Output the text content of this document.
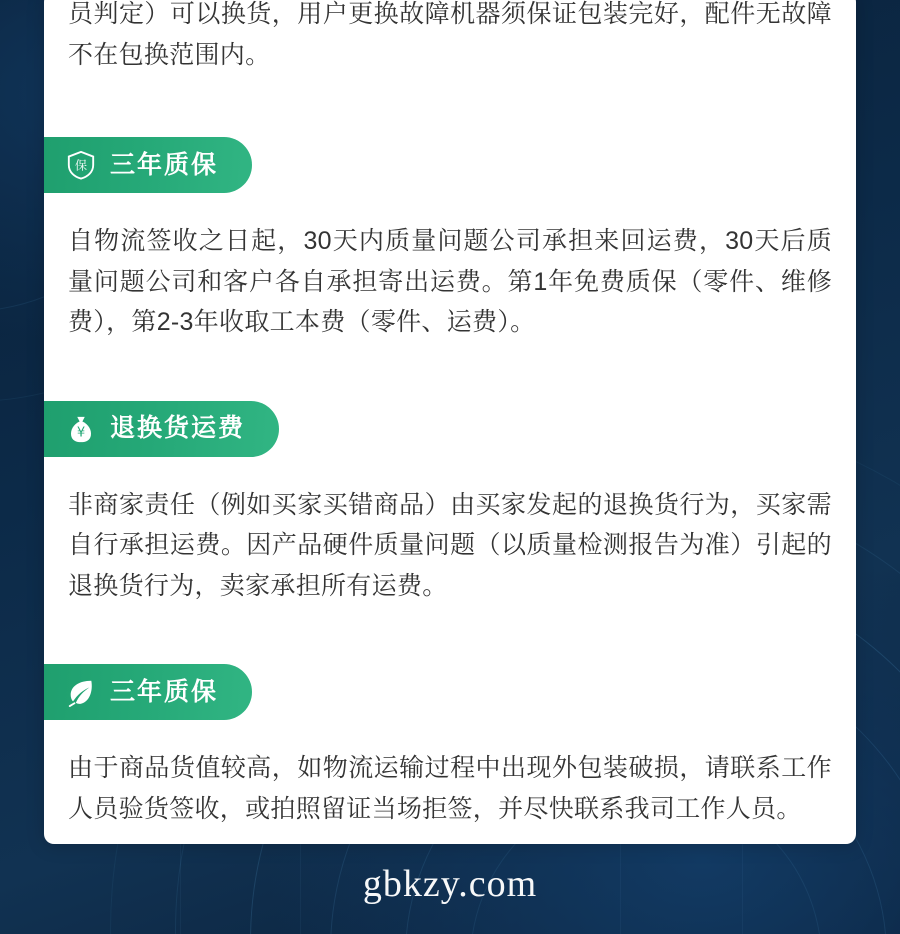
员判定）可以换货，用户更换故障机器须保证包装完好，配件无故障不在包换范围内。

保 三年质保

自物流签收之日起，30天内质量问题公司承担来回运费，30天后质量问题公司和客户各自承担寄出运费。第1年免费质保（零件、维修费），第2-3年收取工本费（零件、运费）。

¥ 退换货运费

非商家责任（例如买家买错商品）由买家发起的退换货行为，买家需自行承担运费。因产品硬件质量问题（以质量检测报告为准）引起的退换货行为，卖家承担所有运费。

三年质保

由于商品货值较高，如物流运输过程中出现外包装破损，请联系工作人员验货签收，或拍照留证当场拒签，并尽快联系我司工作人员。

gbkzy.com
